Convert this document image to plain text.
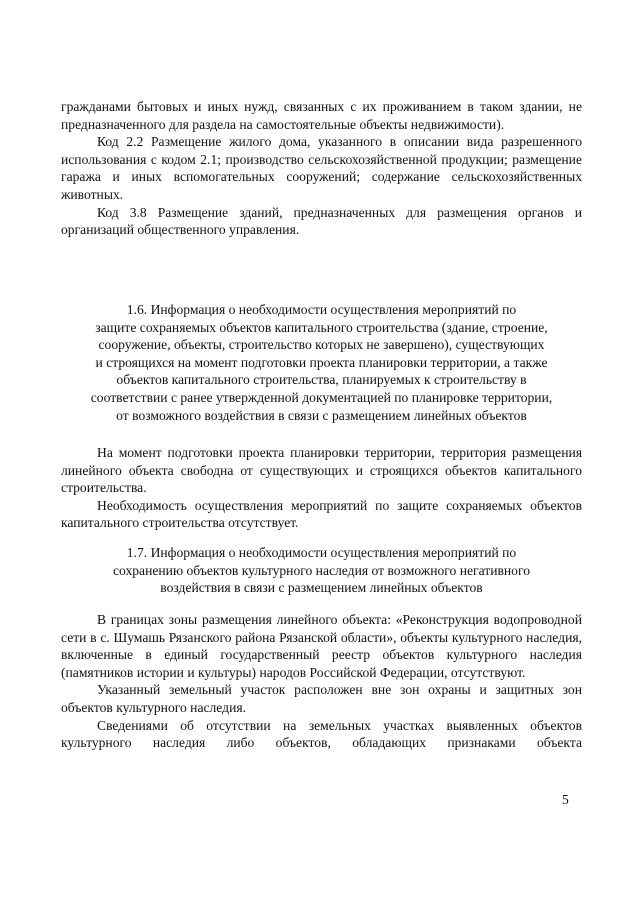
гражданами бытовых и иных нужд, связанных с их проживанием в таком здании, не предназначенного для раздела на самостоятельные объекты недвижимости).

Код 2.2 Размещение жилого дома, указанного в описании вида разрешенного использования с кодом 2.1; производство сельскохозяйственной продукции; размещение гаража и иных вспомогательных сооружений; содержание сельскохозяйственных животных.

Код 3.8 Размещение зданий, предназначенных для размещения органов и организаций общественного управления.

1.6. Информация о необходимости осуществления мероприятий по

защите сохраняемых объектов капитального строительства (здание, строение,

сооружение, объекты, строительство которых не завершено), существующих

и строящихся на момент подготовки проекта планировки территории, а также

объектов капитального строительства, планируемых к строительству в

соответствии с ранее утвержденной документацией по планировке территории,

от возможного воздействия в связи с размещением линейных объектов

На момент подготовки проекта планировки территории, территория размещения линейного объекта свободна от существующих и строящихся объектов капитального строительства.

Необходимость осуществления мероприятий по защите сохраняемых объектов капитального строительства отсутствует.

1.7. Информация о необходимости осуществления мероприятий по

сохранению объектов культурного наследия от возможного негативного

воздействия в связи с размещением линейных объектов

В границах зоны размещения линейного объекта: «Реконструкция водопроводной сети в с. Шумашь Рязанского района Рязанской области», объекты культурного наследия, включенные в единый государственный реестр объектов культурного наследия (памятников истории и культуры) народов Российской Федерации, отсутствуют.

Указанный земельный участок расположен вне зон охраны и защитных зон объектов культурного наследия.

Сведениями об отсутствии на земельных участках выявленных объектов культурного наследия либо объектов, обладающих признаками объекта

5
